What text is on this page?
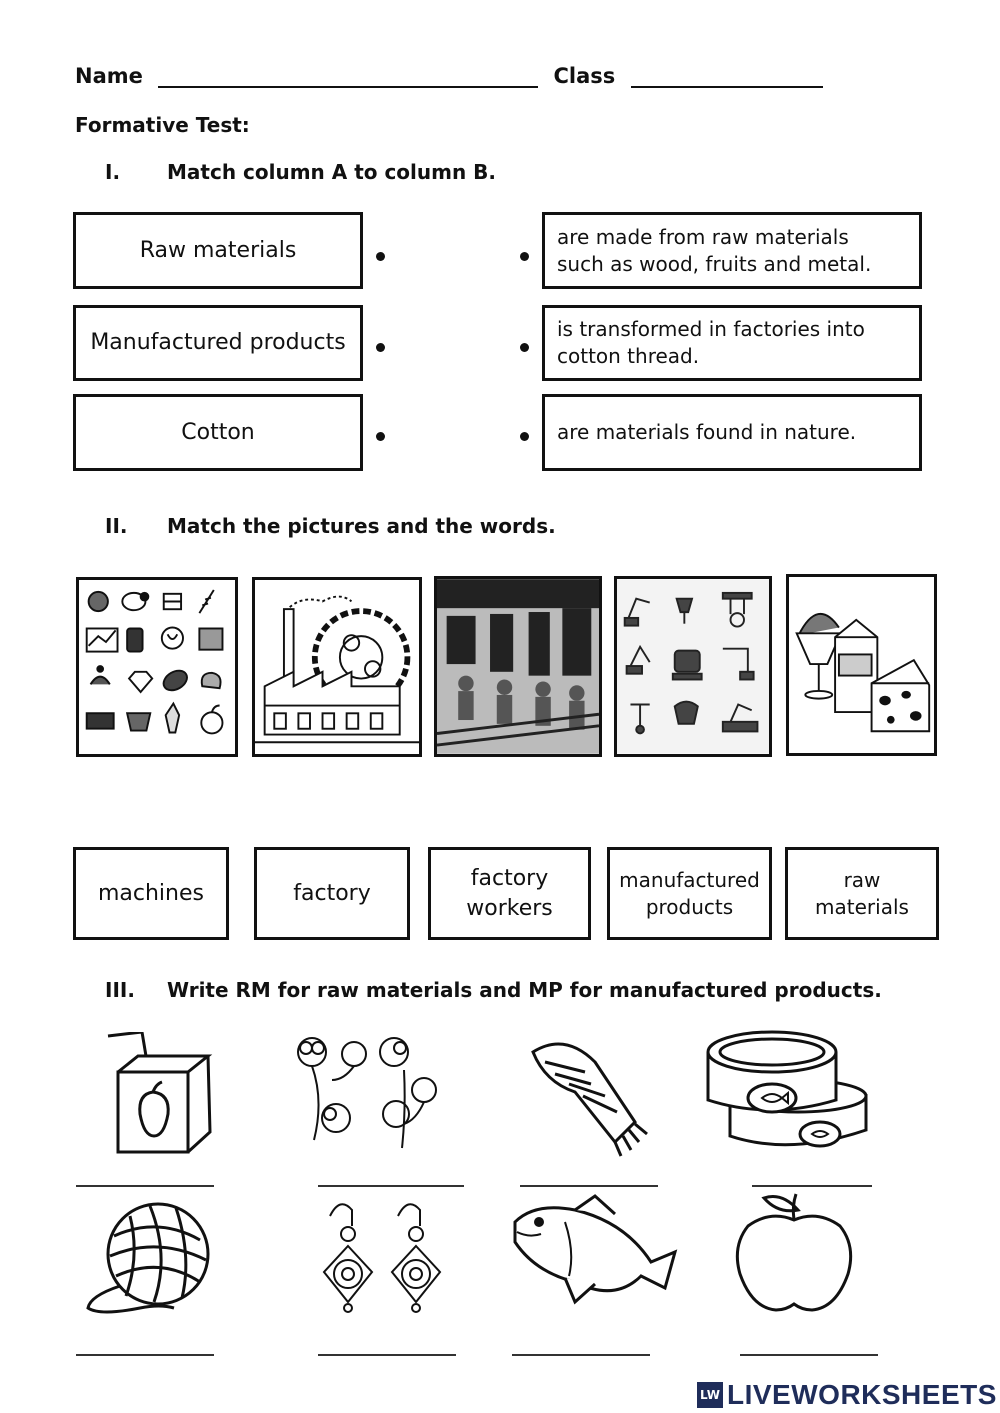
Name	Class
Formative Test:
I. Match column A to column B.
Raw materials
Manufactured products
Cotton
are made from raw materials such as wood, fruits and metal.
is transformed in factories into cotton thread.
are materials found in nature.
II. Match the pictures and the words.
machines	factory
factory workers
manufactured products
raw materials
III. Write RM for raw materials and MP for manufactured products.
LW LIVEWORKSHEETS
